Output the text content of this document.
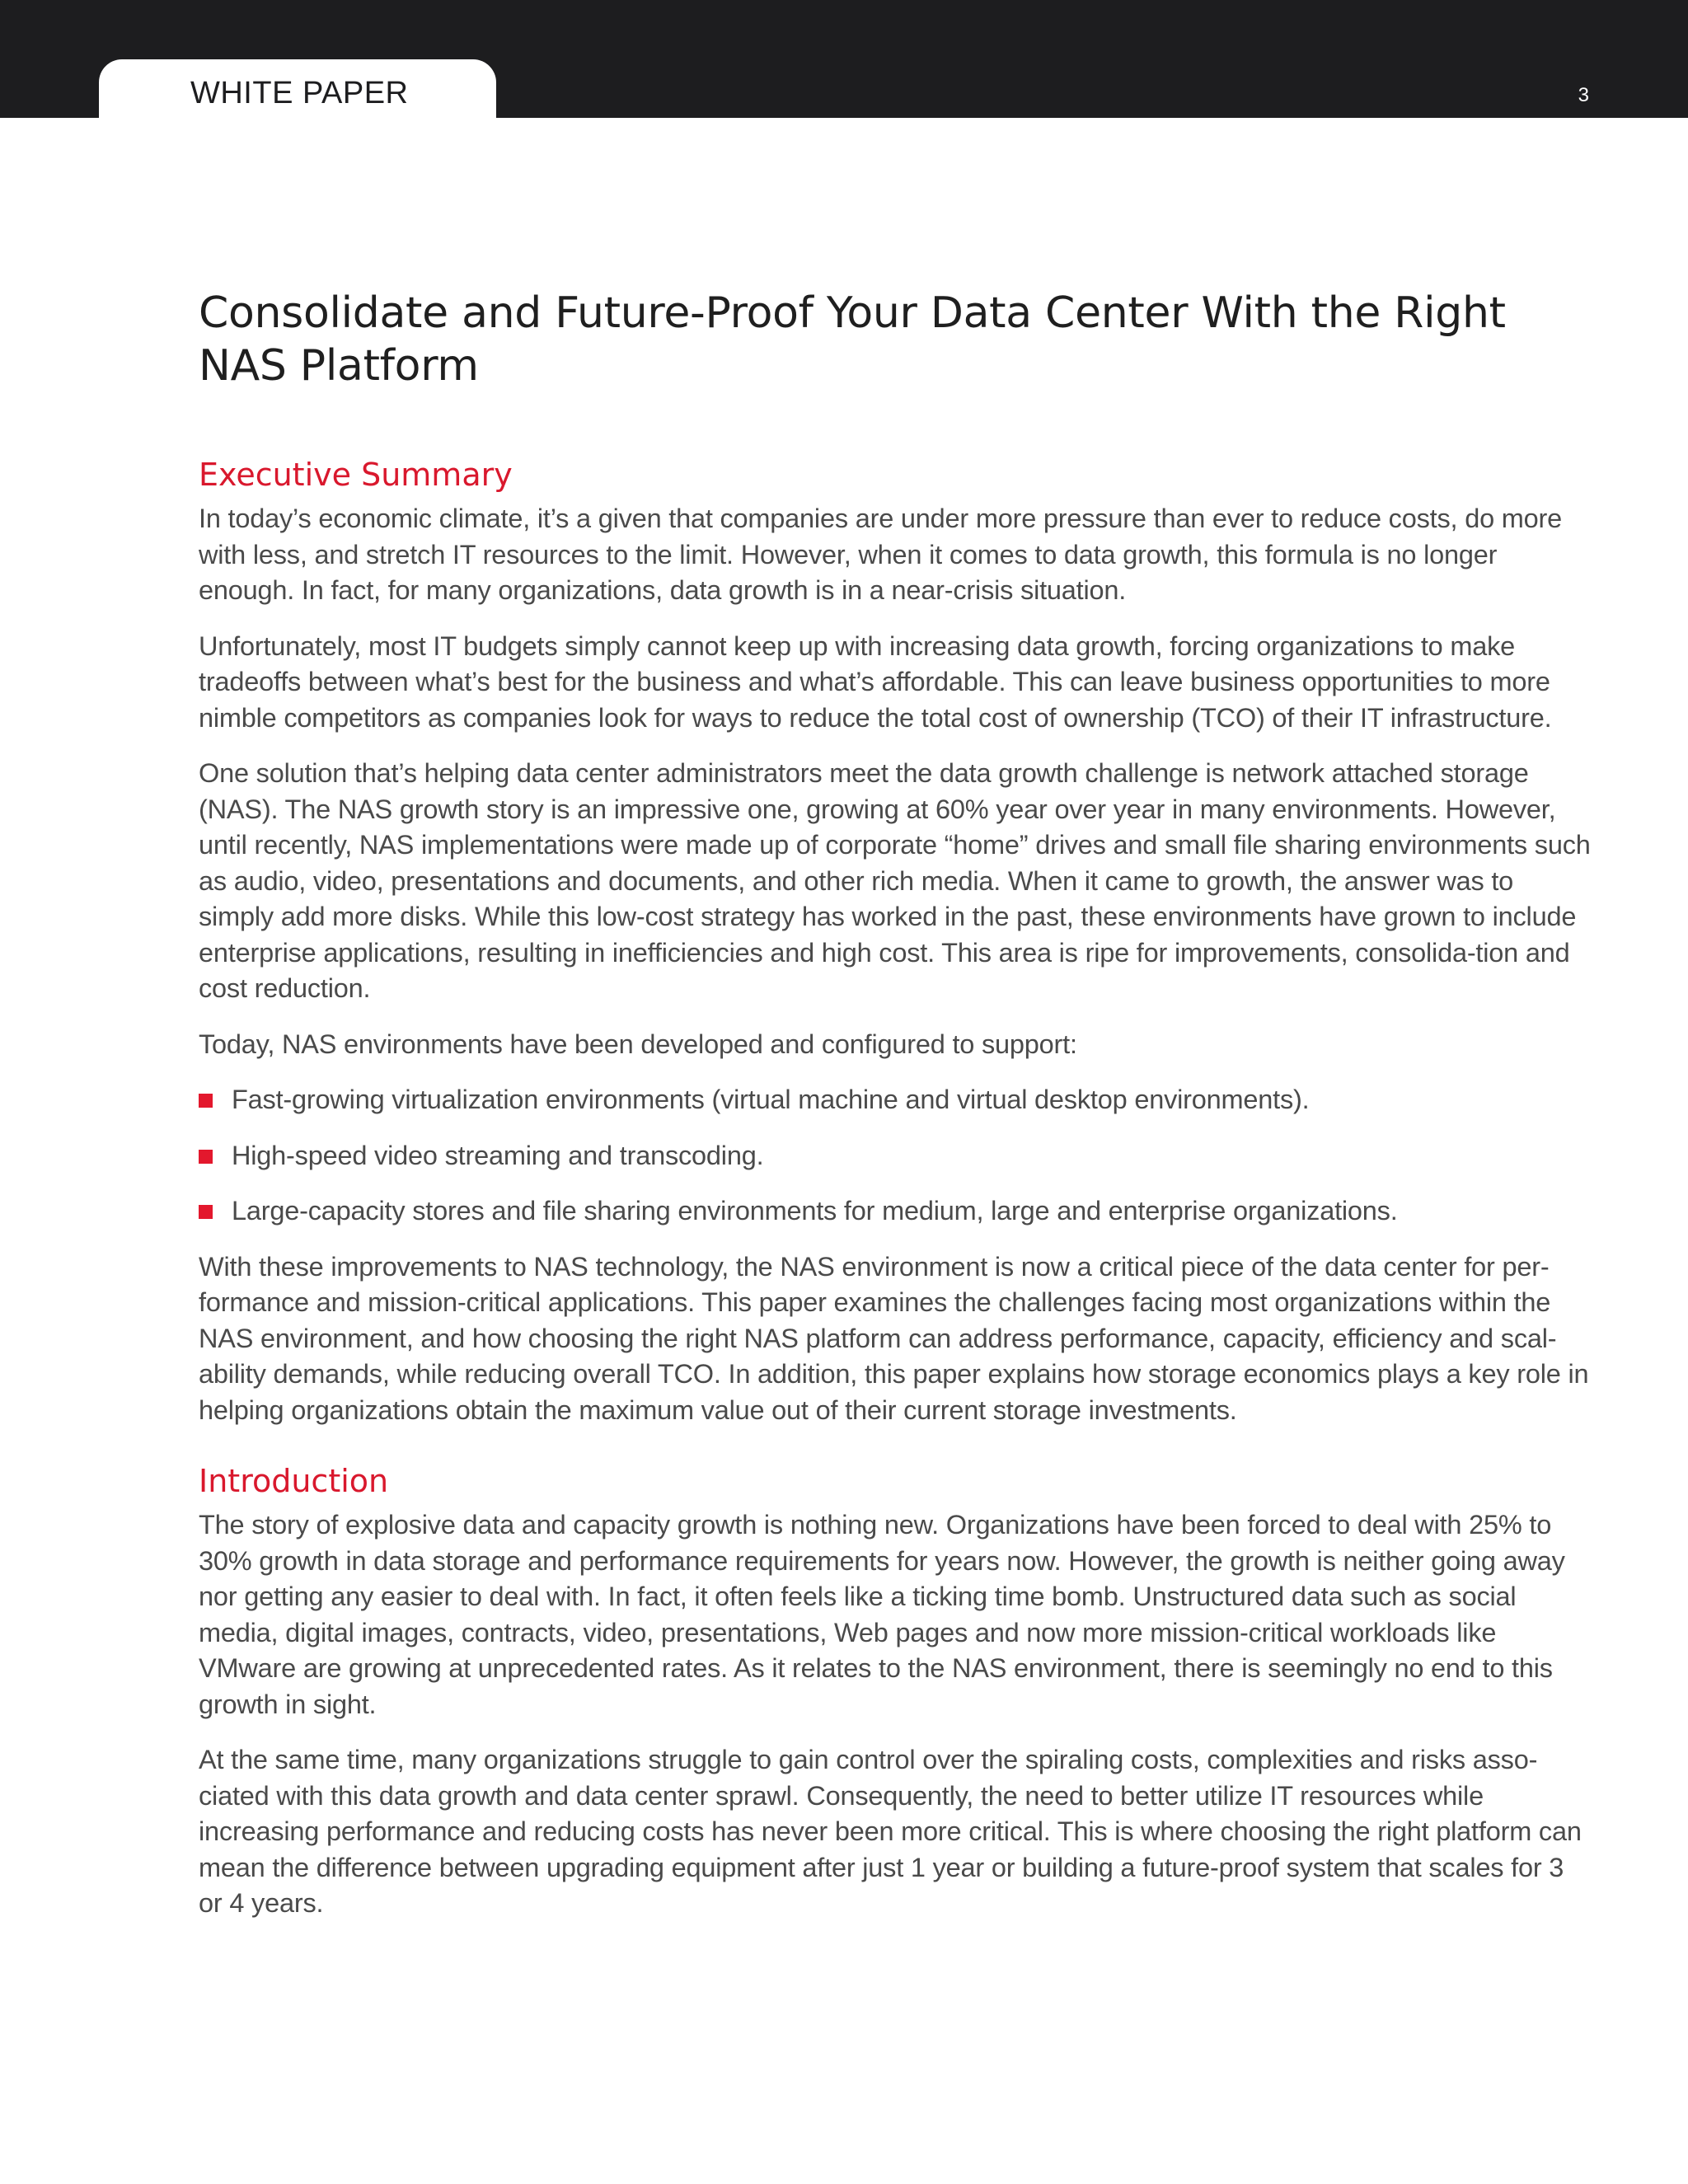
WHITE PAPER	3
Consolidate and Future-Proof Your Data Center With the Right NAS Platform
Executive Summary

In today’s economic climate, it’s a given that companies are under more pressure than ever to reduce costs, do more with less, and stretch IT resources to the limit. However, when it comes to data growth, this formula is no longer enough. In fact, for many organizations, data growth is in a near-crisis situation.

Unfortunately, most IT budgets simply cannot keep up with increasing data growth, forcing organizations to make tradeoffs between what’s best for the business and what’s affordable. This can leave business opportunities to more nimble competitors as companies look for ways to reduce the total cost of ownership (TCO) of their IT infrastructure.

One solution that’s helping data center administrators meet the data growth challenge is network attached storage (NAS). The NAS growth story is an impressive one, growing at 60% year over year in many environments. However, until recently, NAS implementations were made up of corporate “home” drives and small file sharing environments such as audio, video, presentations and documents, and other rich media. When it came to growth, the answer was to simply add more disks. While this low-cost strategy has worked in the past, these environments have grown to include enterprise applications, resulting in inefficiencies and high cost. This area is ripe for improvements, consolida-tion and cost reduction.

Today, NAS environments have been developed and configured to support:

Fast-growing virtualization environments (virtual machine and virtual desktop environments).
High-speed video streaming and transcoding.
Large-capacity stores and file sharing environments for medium, large and enterprise organizations.

With these improvements to NAS technology, the NAS environment is now a critical piece of the data center for per-formance and mission-critical applications. This paper examines the challenges facing most organizations within the NAS environment, and how choosing the right NAS platform can address performance, capacity, efficiency and scal-ability demands, while reducing overall TCO. In addition, this paper explains how storage economics plays a key role in helping organizations obtain the maximum value out of their current storage investments.

Introduction

The story of explosive data and capacity growth is nothing new. Organizations have been forced to deal with 25% to 30% growth in data storage and performance requirements for years now. However, the growth is neither going away nor getting any easier to deal with. In fact, it often feels like a ticking time bomb. Unstructured data such as social media, digital images, contracts, video, presentations, Web pages and now more mission-critical workloads like VMware are growing at unprecedented rates. As it relates to the NAS environment, there is seemingly no end to this growth in sight.

At the same time, many organizations struggle to gain control over the spiraling costs, complexities and risks asso-ciated with this data growth and data center sprawl. Consequently, the need to better utilize IT resources while increasing performance and reducing costs has never been more critical. This is where choosing the right platform can mean the difference between upgrading equipment after just 1 year or building a future-proof system that scales for 3 or 4 years.
